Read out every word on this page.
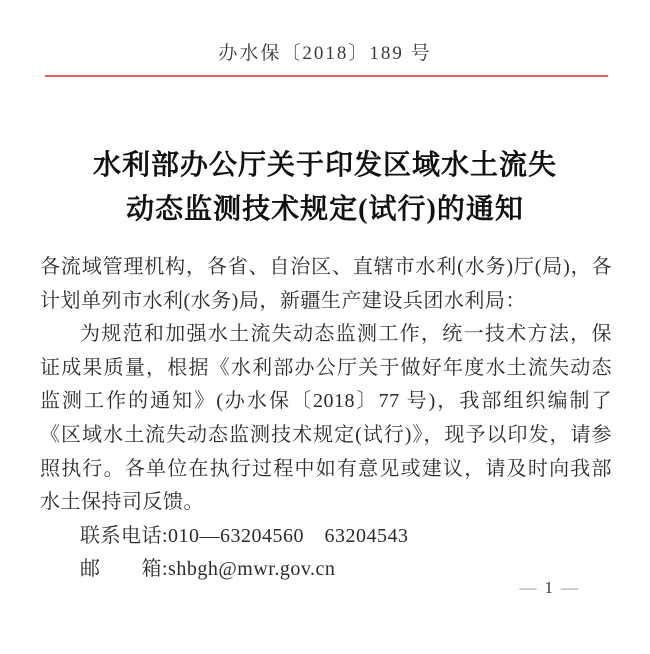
办水保〔2018〕189 号
水利部办公厅关于印发区域水土流失
动态监测技术规定(试行)的通知

各流域管理机构，各省、自治区、直辖市水利(水务)厅(局)，各计划单列市水利(水务)局，新疆生产建设兵团水利局：

为规范和加强水土流失动态监测工作，统一技术方法，保证成果质量，根据《水利部办公厅关于做好年度水土流失动态监测工作的通知》(办水保〔2018〕77 号)，我部组织编制了《区域水土流失动态监测技术规定(试行)》，现予以印发，请参照执行。各单位在执行过程中如有意见或建议，请及时向我部水土保持司反馈。

联系电话:010—63204560　63204543

邮　　箱:shbgh@mwr.gov.cn

— 1 —
